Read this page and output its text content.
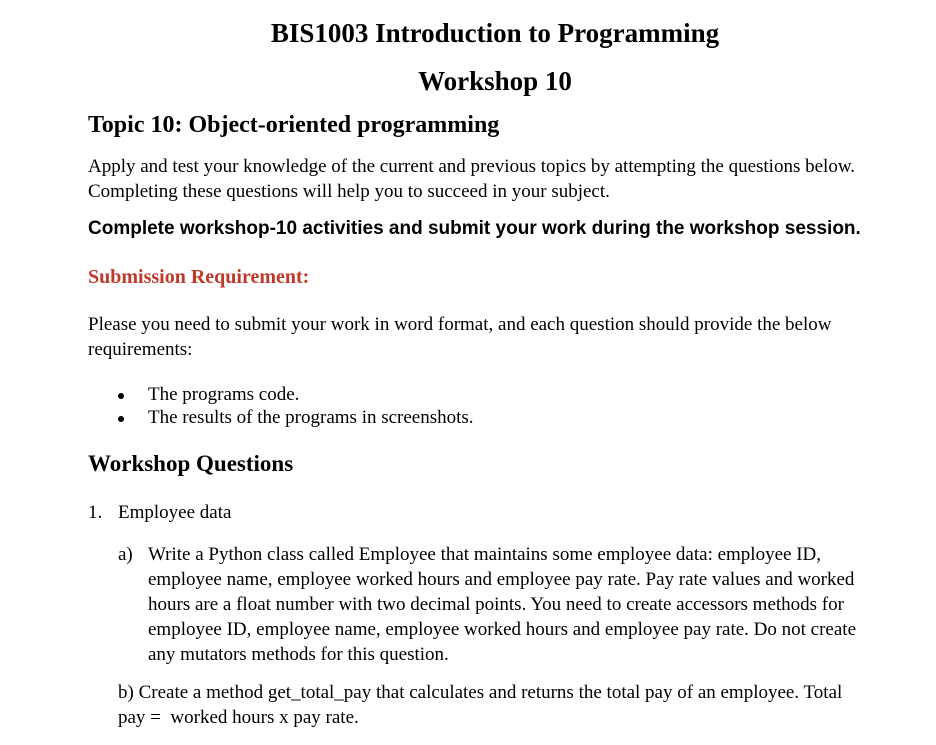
BIS1003 Introduction to Programming
Workshop 10
Topic 10: Object-oriented programming
Apply and test your knowledge of the current and previous topics by attempting the questions below.
Completing these questions will help you to succeed in your subject.
Complete workshop-10 activities and submit your work during the workshop session.
Submission Requirement:
Please you need to submit your work in word format, and each question should provide the below
requirements:
The programs code.
The results of the programs in screenshots.
Workshop Questions
1. Employee data
a) Write a Python class called Employee that maintains some employee data: employee ID,
employee name, employee worked hours and employee pay rate. Pay rate values and worked
hours are a float number with two decimal points. You need to create accessors methods for
employee ID, employee name, employee worked hours and employee pay rate. Do not create
any mutators methods for this question.
b) Create a method get_total_pay that calculates and returns the total pay of an employee. Total
pay =  worked hours x pay rate.
